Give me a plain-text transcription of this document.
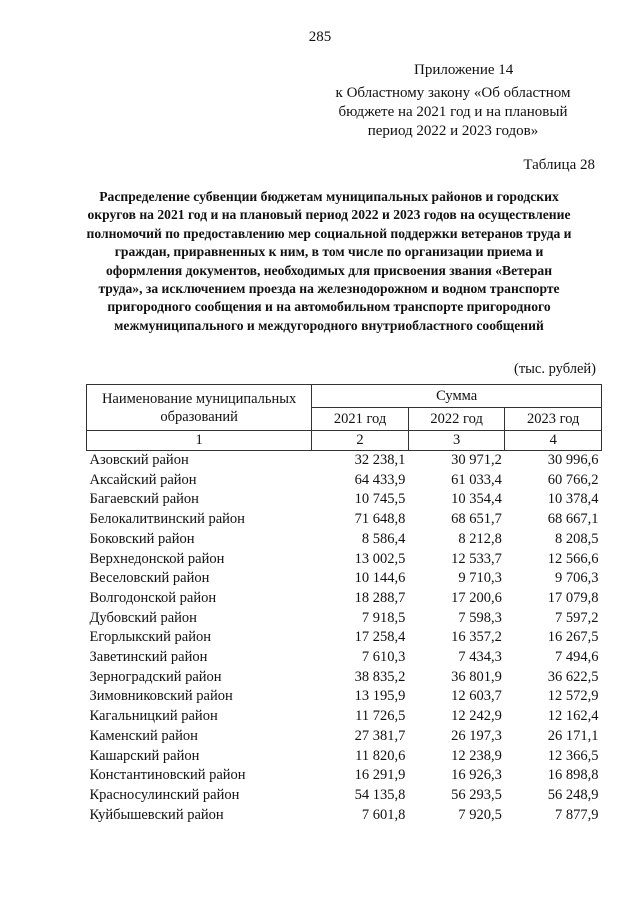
285
Приложение 14
к Областному закону «Об областном бюджете на 2021 год и на плановый период 2022 и 2023 годов»
Таблица 28
Распределение субвенции бюджетам муниципальных районов и городских округов на 2021 год и на плановый период 2022 и 2023 годов на осуществление полномочий по предоставлению мер социальной поддержки ветеранов труда и граждан, приравненных к ним, в том числе по организации приема и оформления документов, необходимых для присвоения звания «Ветеран труда», за исключением проезда на железнодорожном и водном транспорте пригородного сообщения и на автомобильном транспорте пригородного межмуниципального и междугородного внутриобластного сообщений
(тыс. рублей)
Наименование муниципальных образований	Сумма		
	2021 год	2022 год	2023 год
1	2	3	4
Азовский район	32 238,1	30 971,2	30 996,6
Аксайский район	64 433,9	61 033,4	60 766,2
Багаевский район	10 745,5	10 354,4	10 378,4
Белокалитвинский район	71 648,8	68 651,7	68 667,1
Боковский район	8 586,4	8 212,8	8 208,5
Верхнедонской район	13 002,5	12 533,7	12 566,6
Веселовский район	10 144,6	9 710,3	9 706,3
Волгодонской район	18 288,7	17 200,6	17 079,8
Дубовский район	7 918,5	7 598,3	7 597,2
Егорлыкский район	17 258,4	16 357,2	16 267,5
Заветинский район	7 610,3	7 434,3	7 494,6
Зерноградский район	38 835,2	36 801,9	36 622,5
Зимовниковский район	13 195,9	12 603,7	12 572,9
Кагальницкий район	11 726,5	12 242,9	12 162,4
Каменский район	27 381,7	26 197,3	26 171,1
Кашарский район	11 820,6	12 238,9	12 366,5
Константиновский район	16 291,9	16 926,3	16 898,8
Красносулинский район	54 135,8	56 293,5	56 248,9
Куйбышевский район	7 601,8	7 920,5	7 877,9
